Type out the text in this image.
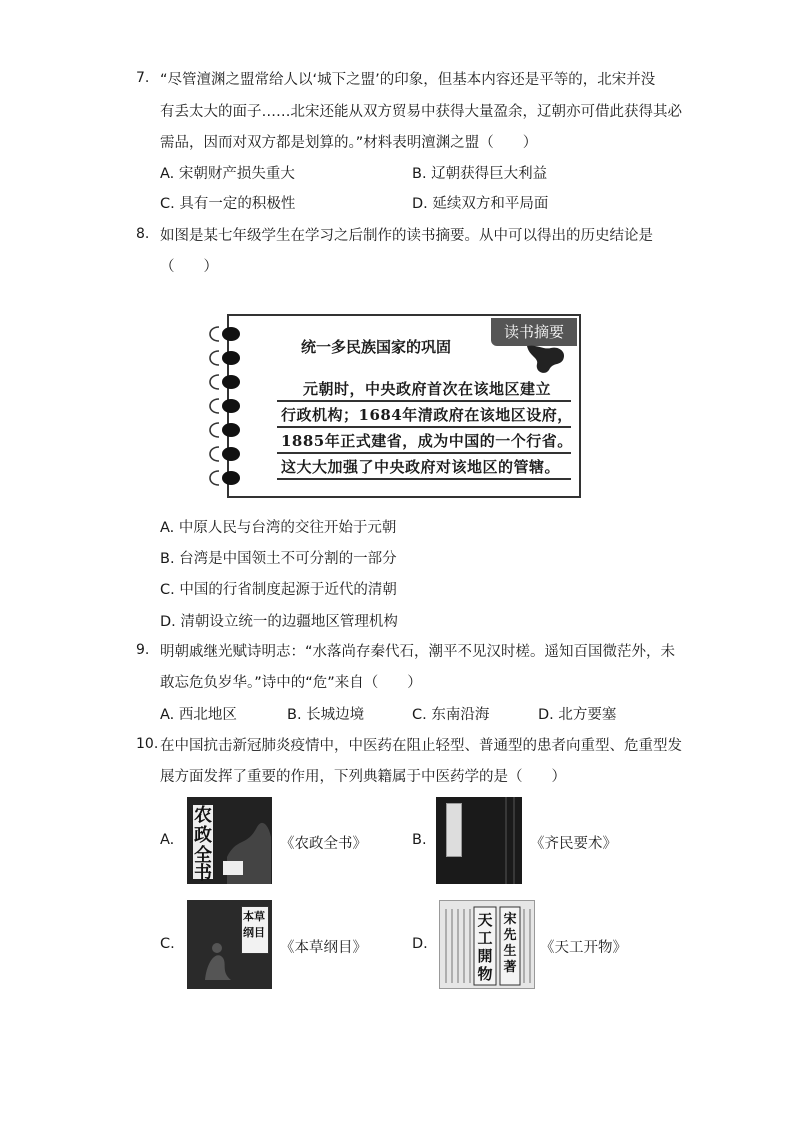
7. “尽管澶渊之盟常给人以‘城下之盟’的印象，但基本内容还是平等的，北宋并没
有丢太大的面子……北宋还能从双方贸易中获得大量盈余，辽朝亦可借此获得其必
需品，因而对双方都是划算的。”材料表明澶渊之盟（　　）
A. 宋朝财产损失重大	B. 辽朝获得巨大利益
C. 具有一定的积极性	D. 延续双方和平局面
8. 如图是某七年级学生在学习之后制作的读书摘要。从中可以得出的历史结论是
（　　）
读书摘要
统一多民族国家的巩固
元朝时，中央政府首次在该地区建立
行政机构；1684年清政府在该地区设府，
1885年正式建省，成为中国的一个行省。
这大大加强了中央政府对该地区的管辖。
A. 中原人民与台湾的交往开始于元朝
B. 台湾是中国领土不可分割的一部分
C. 中国的行省制度起源于近代的清朝
D. 清朝设立统一的边疆地区管理机构
9. 明朝戚继光赋诗明志：“水落尚存秦代石，潮平不见汉时槎。遥知百国微茫外，未
敢忘危负岁华。”诗中的“危”来自（　　）
A. 西北地区	B. 长城边境	C. 东南沿海	D. 北方要塞
10. 在中国抗击新冠肺炎疫情中，中医药在阻止轻型、普通型的患者向重型、危重型发
展方面发挥了重要的作用，下列典籍属于中医药学的是（　　）
A.
农
政
全
书
《农政全书》	B.	《齐民要术》
C.
本草
纲目
《本草纲目》	D.
天
工
開
物
宋
先
生
著
《天工开物》
